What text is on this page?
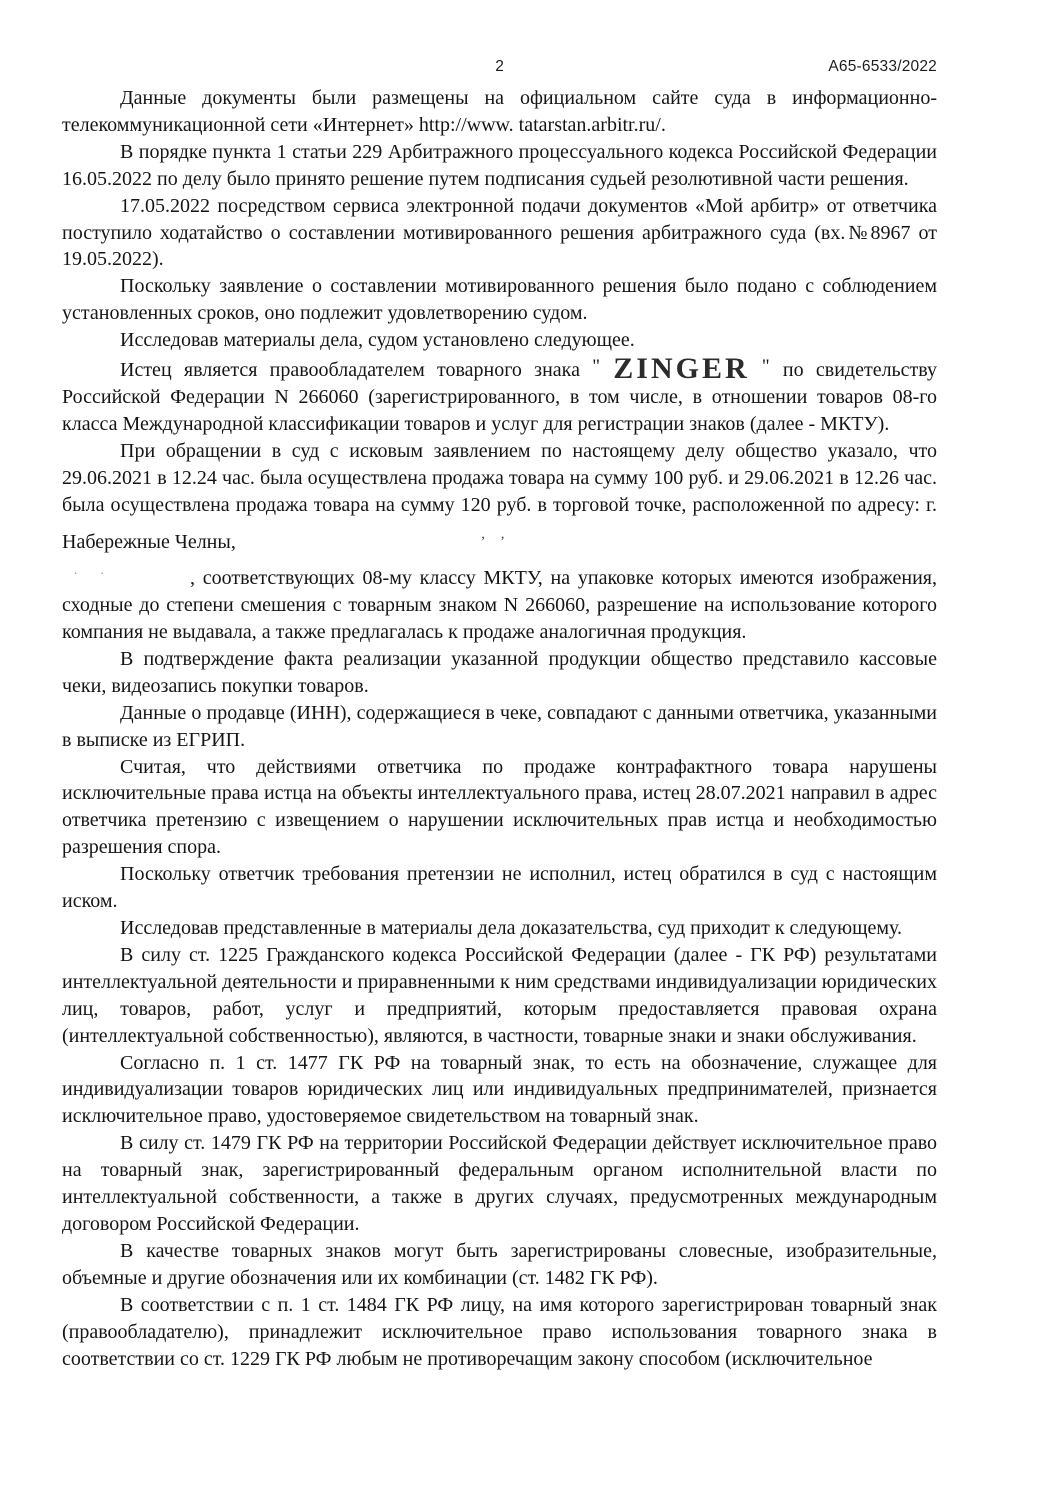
2	А65-6533/2022

Данные документы были размещены на официальном сайте суда в информационно-телекоммуникационной сети «Интернет» http://www. tatarstan.arbitr.ru/.

В порядке пункта 1 статьи 229 Арбитражного процессуального кодекса Российской Федерации 16.05.2022 по делу было принято решение путем подписания судьей резолютивной части решения.

17.05.2022 посредством сервиса электронной подачи документов «Мой арбитр» от ответчика поступило ходатайство о составлении мотивированного решения арбитражного суда (вх.№8967 от 19.05.2022).

Поскольку заявление о составлении мотивированного решения было подано с соблюдением установленных сроков, оно подлежит удовлетворению судом.

Исследовав материалы дела, судом установлено следующее.

Истец является правообладателем товарного знака " ZINGER " по свидетельству Российской Федерации N 266060 (зарегистрированного, в том числе, в отношении товаров 08-го класса Международной классификации товаров и услуг для регистрации знаков (далее - МКТУ).

При обращении в суд с исковым заявлением по настоящему делу общество указало, что 29.06.2021 в 12.24 час. была осуществлена продажа товара на сумму 100 руб. и 29.06.2021 в 12.26 час. была осуществлена продажа товара на сумму 120 руб. в торговой точке, расположенной по адресу: г. Набережные Челны,	, ,

. .	, соответствующих 08-му классу МКТУ, на упаковке которых имеются изображения, сходные до степени смешения с товарным знаком N 266060, разрешение на использование которого компания не выдавала, а также предлагалась к продаже аналогичная продукция.

В подтверждение факта реализации указанной продукции общество представило кассовые чеки, видеозапись покупки товаров.

Данные о продавце (ИНН), содержащиеся в чеке, совпадают с данными ответчика, указанными в выписке из ЕГРИП.

Считая, что действиями ответчика по продаже контрафактного товара нарушены исключительные права истца на объекты интеллектуального права, истец 28.07.2021 направил в адрес ответчика претензию с извещением о нарушении исключительных прав истца и необходимостью разрешения спора.

Поскольку ответчик требования претензии не исполнил, истец обратился в суд с настоящим иском.

Исследовав представленные в материалы дела доказательства, суд приходит к следующему.

В силу ст. 1225 Гражданского кодекса Российской Федерации (далее - ГК РФ) результатами интеллектуальной деятельности и приравненными к ним средствами индивидуализации юридических лиц, товаров, работ, услуг и предприятий, которым предоставляется правовая охрана (интеллектуальной собственностью), являются, в частности, товарные знаки и знаки обслуживания.

Согласно п. 1 ст. 1477 ГК РФ на товарный знак, то есть на обозначение, служащее для индивидуализации товаров юридических лиц или индивидуальных предпринимателей, признается исключительное право, удостоверяемое свидетельством на товарный знак.

В силу ст. 1479 ГК РФ на территории Российской Федерации действует исключительное право на товарный знак, зарегистрированный федеральным органом исполнительной власти по интеллектуальной собственности, а также в других случаях, предусмотренных международным договором Российской Федерации.

В качестве товарных знаков могут быть зарегистрированы словесные, изобразительные, объемные и другие обозначения или их комбинации (ст. 1482 ГК РФ).

В соответствии с п. 1 ст. 1484 ГК РФ лицу, на имя которого зарегистрирован товарный знак (правообладателю), принадлежит исключительное право использования товарного знака в соответствии со ст. 1229 ГК РФ любым не противоречащим закону способом (исключительное
